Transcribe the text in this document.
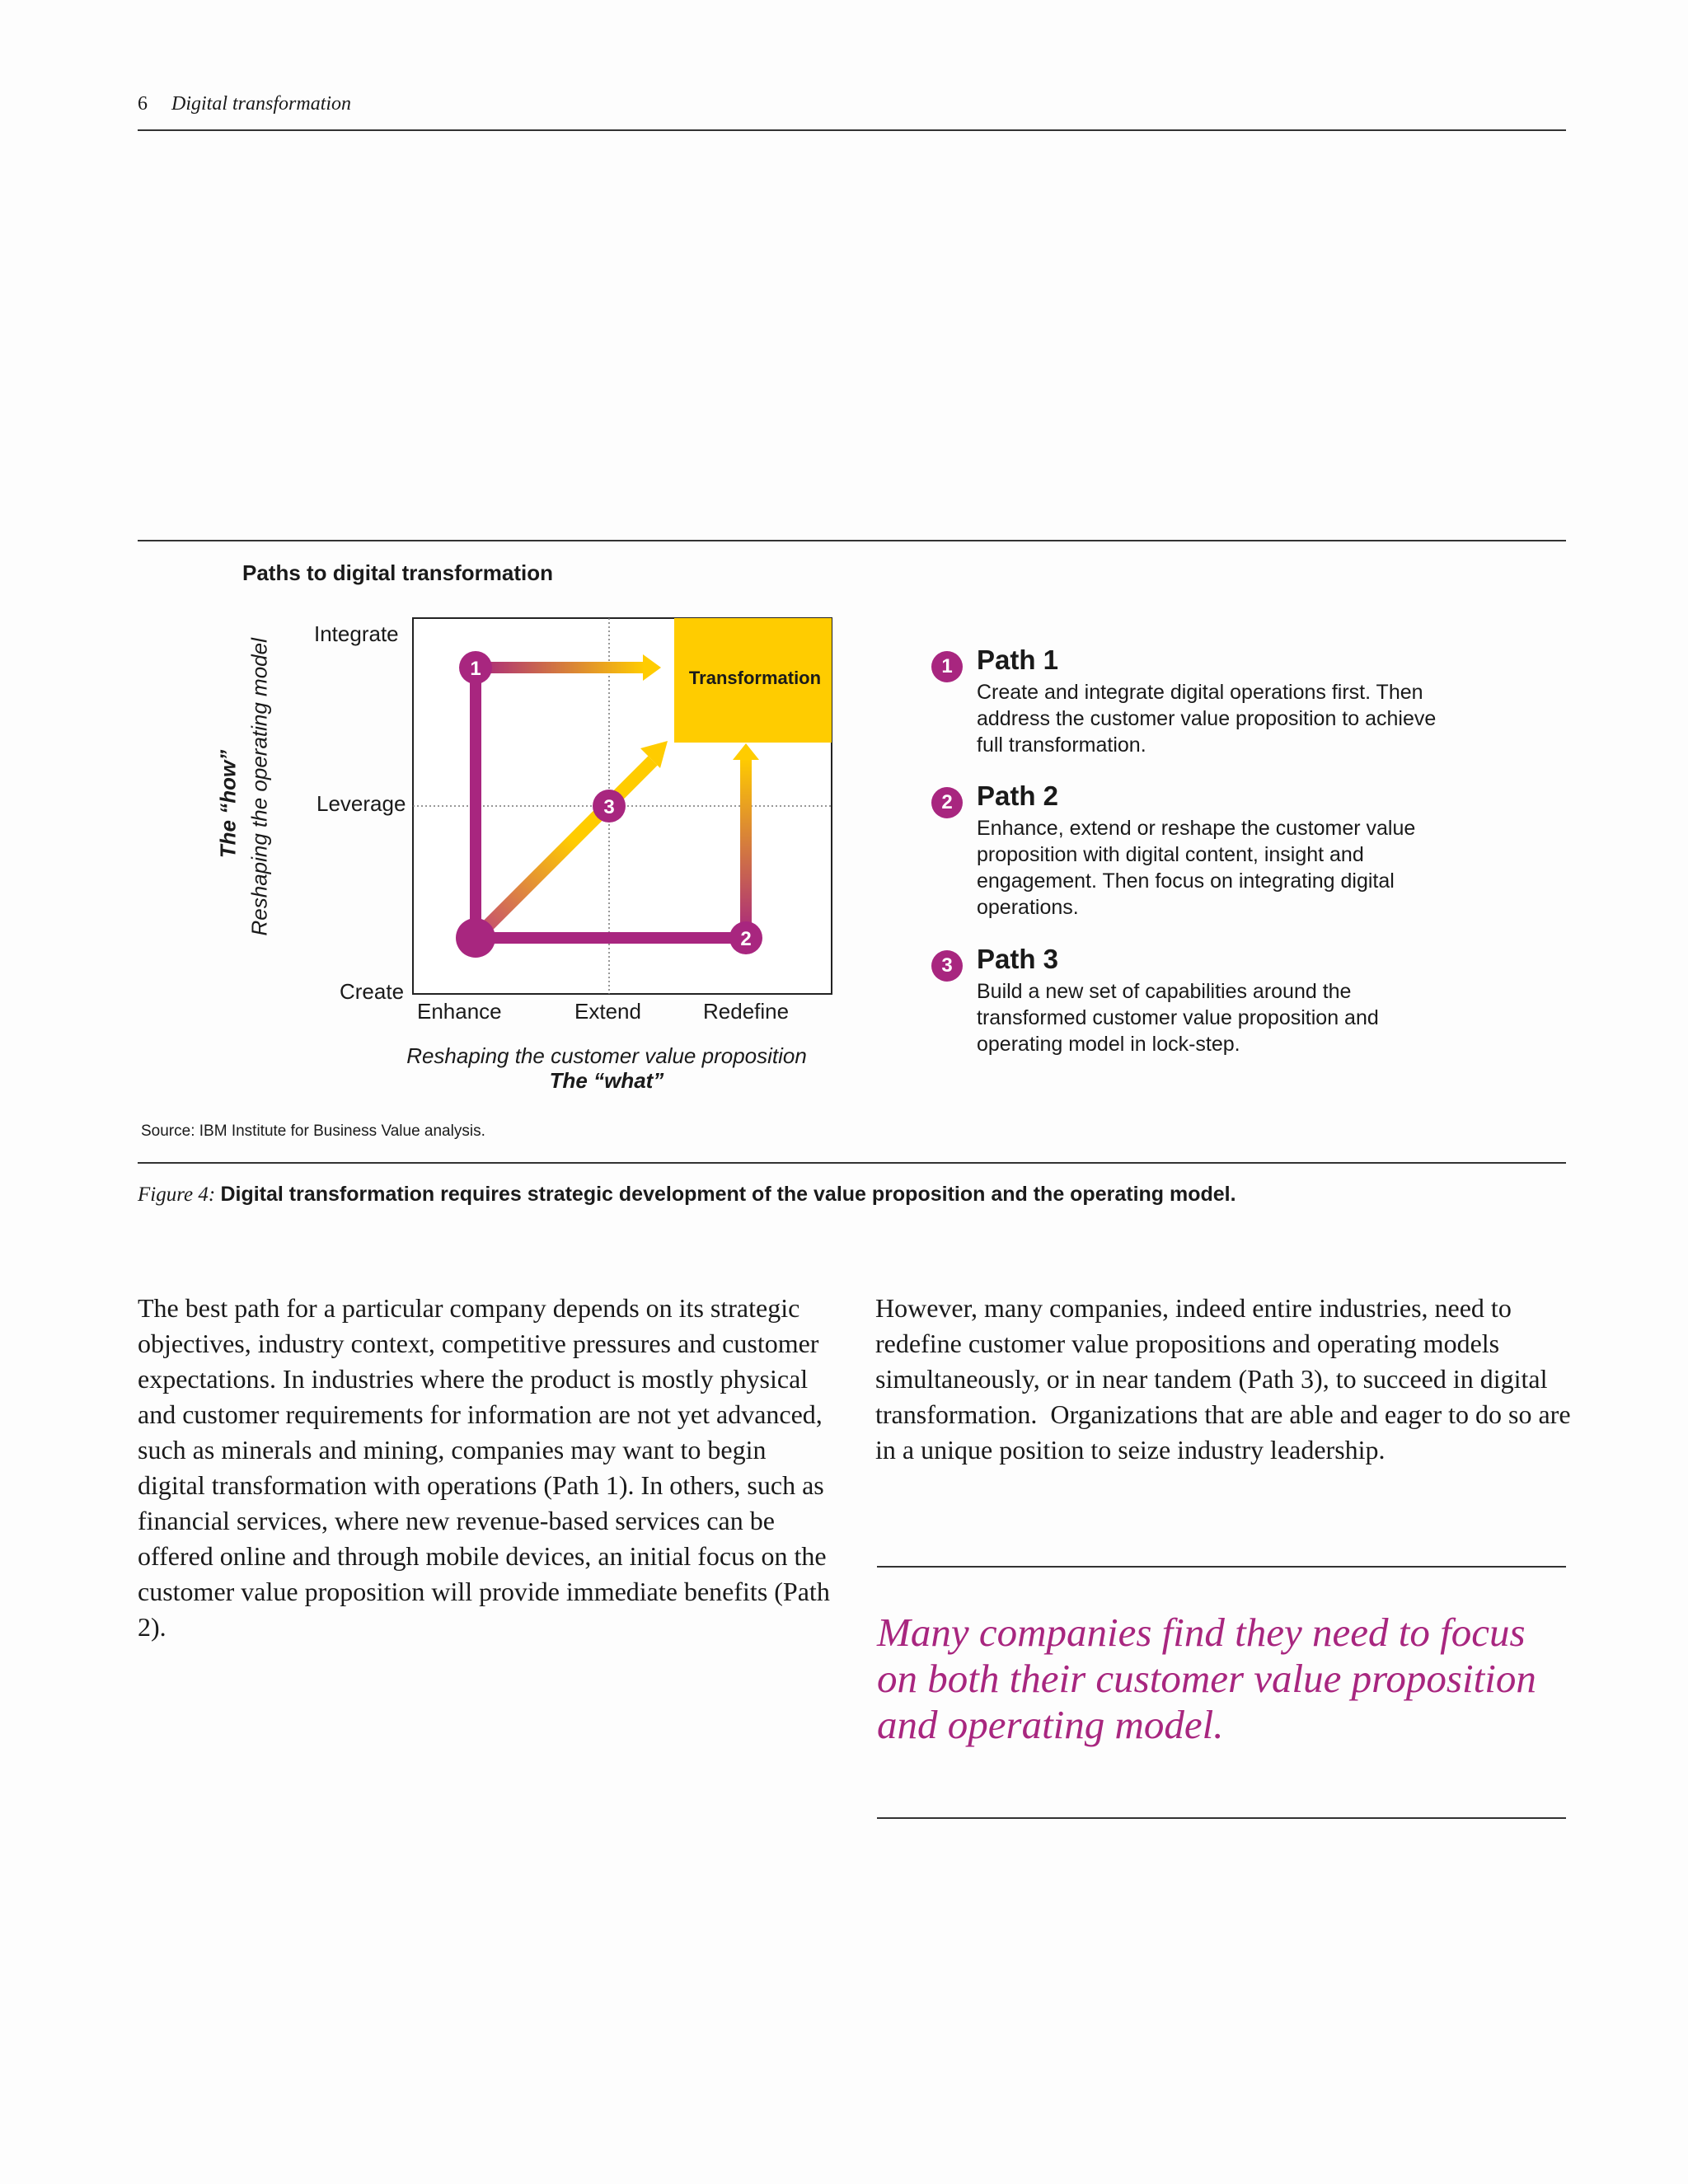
6 Digital transformation
Paths to digital transformation
Integrate
Leverage
Create
Reshaping the operating model
The “how”
Enhance	Extend	Redefine
Reshaping the customer value proposition
The “what”
1
2
3
Transformation
1 Path 1
Create and integrate digital operations first. Then address the customer value proposition to achieve full transformation.
2 Path 2
Enhance, extend or reshape the customer value proposition with digital content, insight and engagement. Then focus on integrating digital operations.
3 Path 3
Build a new set of capabilities around the transformed customer value proposition and operating model in lock-step.
Source: IBM Institute for Business Value analysis.
Figure 4: Digital transformation requires strategic development of the value proposition and the operating model.
The best path for a particular company depends on its strategic objectives, industry context, competitive pressures and customer expectations. In industries where the product is mostly physical and customer requirements for information are not yet advanced, such as minerals and mining, companies may want to begin digital transformation with operations (Path 1). In others, such as financial services, where new revenue-based services can be offered online and through mobile devices, an initial focus on the customer value proposition will provide immediate benefits (Path 2).
However, many companies, indeed entire industries, need to redefine customer value propositions and operating models simultaneously, or in near tandem (Path 3), to succeed in digital transformation.  Organizations that are able and eager to do so are in a unique position to seize industry leadership.
Many companies find they need to focus on both their customer value proposition and operating model.
